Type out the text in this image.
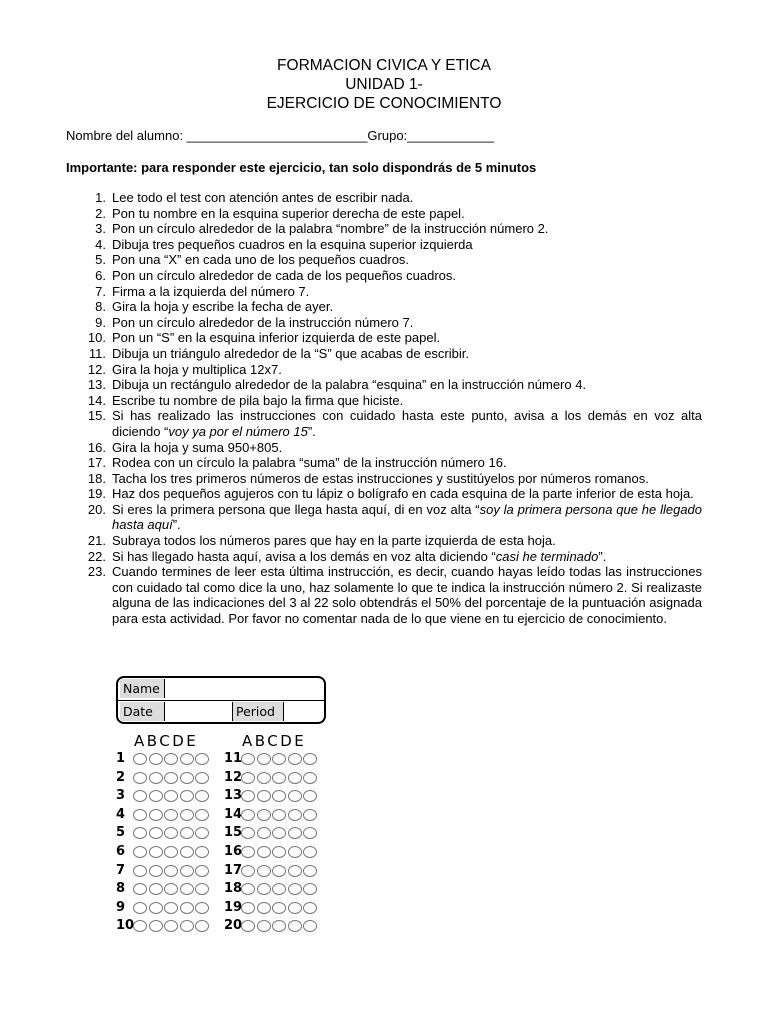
FORMACION CIVICA Y ETICA
UNIDAD 1-
EJERCICIO DE CONOCIMIENTO
Nombre del alumno: _________________________Grupo:____________
Importante: para responder este ejercicio, tan solo dispondrás de 5 minutos
1. Lee todo el test con atención antes de escribir nada.
2. Pon tu nombre en la esquina superior derecha de este papel.
3. Pon un círculo alrededor de la palabra “nombre” de la instrucción número 2.
4. Dibuja tres pequeños cuadros en la esquina superior izquierda
5. Pon una “X” en cada uno de los pequeños cuadros.
6. Pon un círculo alrededor de cada de los pequeños cuadros.
7. Firma a la izquierda del número 7.
8. Gira la hoja y escribe la fecha de ayer.
9. Pon un círculo alrededor de la instrucción número 7.
10. Pon un “S” en la esquina inferior izquierda de este papel.
11. Dibuja un triángulo alrededor de la “S” que acabas de escribir.
12. Gira la hoja y multiplica 12x7.
13. Dibuja un rectángulo alrededor de la palabra “esquina” en la instrucción número 4.
14. Escribe tu nombre de pila bajo la firma que hiciste.
15. Si has realizado las instrucciones con cuidado hasta este punto, avisa a los demás en voz alta diciendo “voy ya por el número 15”.
16. Gira la hoja y suma 950+805.
17. Rodea con un círculo la palabra “suma” de la instrucción número 16.
18. Tacha los tres primeros números de estas instrucciones y sustitúyelos por números romanos.
19. Haz dos pequeños agujeros con tu lápiz o bolígrafo en cada esquina de la parte inferior de esta hoja.
20. Si eres la primera persona que llega hasta aquí, di en voz alta “soy la primera persona que he llegado hasta aquí”.
21. Subraya todos los números pares que hay en la parte izquierda de esta hoja.
22. Si has llegado hasta aquí, avisa a los demás en voz alta diciendo “casi he terminado”.
23. Cuando termines de leer esta última instrucción, es decir, cuando hayas leído todas las instrucciones con cuidado tal como dice la uno, haz solamente lo que te indica la instrucción número 2. Si realizaste alguna de las indicaciones del 3 al 22 solo obtendrás el 50% del porcentaje de la puntuación asignada para esta actividad. Por favor no comentar nada de lo que viene en tu ejercicio de conocimiento.
Name
Date	Period
ABCDE
1
2
3
4
5
6
7
8
9
10
ABCDE
11
12
13
14
15
16
17
18
19
20
